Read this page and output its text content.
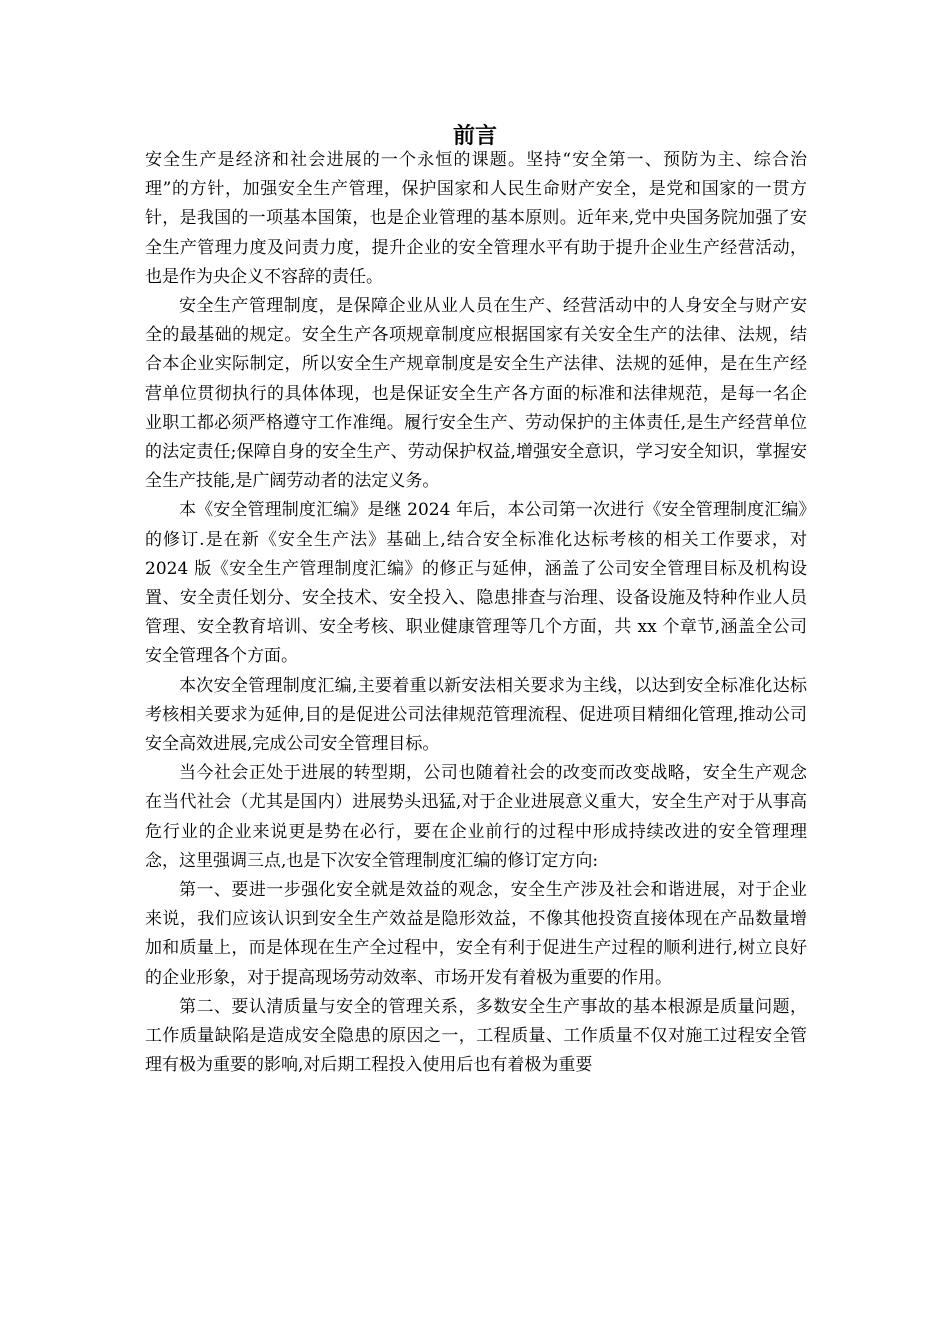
前言

安全生产是经济和社会进展的一个永恒的课题。坚持“安全第一、预防为主、综合治理”的方针，加强安全生产管理，保护国家和人民生命财产安全，是党和国家的一贯方针，是我国的一项基本国策，也是企业管理的基本原则。近年来,党中央国务院加强了安全生产管理力度及问责力度，提升企业的安全管理水平有助于提升企业生产经营活动，也是作为央企义不容辞的责任。

安全生产管理制度，是保障企业从业人员在生产、经营活动中的人身安全与财产安全的最基础的规定。安全生产各项规章制度应根据国家有关安全生产的法律、法规，结合本企业实际制定，所以安全生产规章制度是安全生产法律、法规的延伸，是在生产经营单位贯彻执行的具体体现，也是保证安全生产各方面的标准和法律规范，是每一名企业职工都必须严格遵守工作准绳。履行安全生产、劳动保护的主体责任,是生产经营单位的法定责任;保障自身的安全生产、劳动保护权益,增强安全意识，学习安全知识，掌握安全生产技能,是广阔劳动者的法定义务。

本《安全管理制度汇编》是继 2024 年后，本公司第一次进行《安全管理制度汇编》的修订.是在新《安全生产法》基础上,结合安全标准化达标考核的相关工作要求，对 2024 版《安全生产管理制度汇编》的修正与延伸，涵盖了公司安全管理目标及机构设置、安全责任划分、安全技术、安全投入、隐患排查与治理、设备设施及特种作业人员管理、安全教育培训、安全考核、职业健康管理等几个方面，共 xx 个章节,涵盖全公司安全管理各个方面。

本次安全管理制度汇编,主要着重以新安法相关要求为主线，以达到安全标准化达标考核相关要求为延伸,目的是促进公司法律规范管理流程、促进项目精细化管理,推动公司安全高效进展,完成公司安全管理目标。

当今社会正处于进展的转型期，公司也随着社会的改变而改变战略，安全生产观念在当代社会（尤其是国内）进展势头迅猛,对于企业进展意义重大，安全生产对于从事高危行业的企业来说更是势在必行，要在企业前行的过程中形成持续改进的安全管理理念，这里强调三点,也是下次安全管理制度汇编的修订定方向:

第一、要进一步强化安全就是效益的观念，安全生产涉及社会和谐进展，对于企业来说，我们应该认识到安全生产效益是隐形效益，不像其他投资直接体现在产品数量增加和质量上，而是体现在生产全过程中，安全有利于促进生产过程的顺利进行,树立良好的企业形象，对于提高现场劳动效率、市场开发有着极为重要的作用。

第二、要认清质量与安全的管理关系，多数安全生产事故的基本根源是质量问题，工作质量缺陷是造成安全隐患的原因之一，工程质量、工作质量不仅对施工过程安全管理有极为重要的影响,对后期工程投入使用后也有着极为重要
